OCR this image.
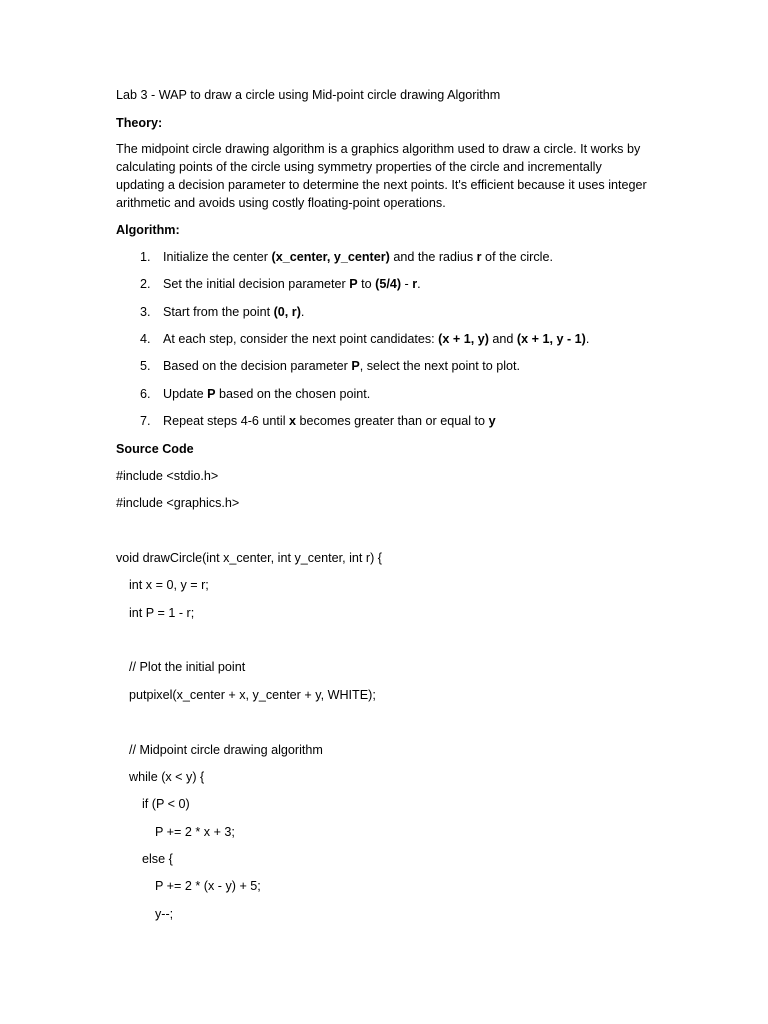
Lab 3 - WAP to draw a circle using Mid-point circle drawing Algorithm
Theory:
The midpoint circle drawing algorithm is a graphics algorithm used to draw a circle. It works by
calculating points of the circle using symmetry properties of the circle and incrementally
updating a decision parameter to determine the next points. It's efficient because it uses integer
arithmetic and avoids using costly floating-point operations.
Algorithm:
1. Initialize the center (x_center, y_center) and the radius r of the circle.
2. Set the initial decision parameter P to (5/4) - r.
3. Start from the point (0, r).
4. At each step, consider the next point candidates: (x + 1, y) and (x + 1, y - 1).
5. Based on the decision parameter P, select the next point to plot.
6. Update P based on the chosen point.
7. Repeat steps 4-6 until x becomes greater than or equal to y
Source Code
#include <stdio.h>
#include <graphics.h>
void drawCircle(int x_center, int y_center, int r) {
int x = 0, y = r;
int P = 1 - r;
// Plot the initial point
putpixel(x_center + x, y_center + y, WHITE);
// Midpoint circle drawing algorithm
while (x < y) {
if (P < 0)
P += 2 * x + 3;
else {
P += 2 * (x - y) + 5;
y--;
